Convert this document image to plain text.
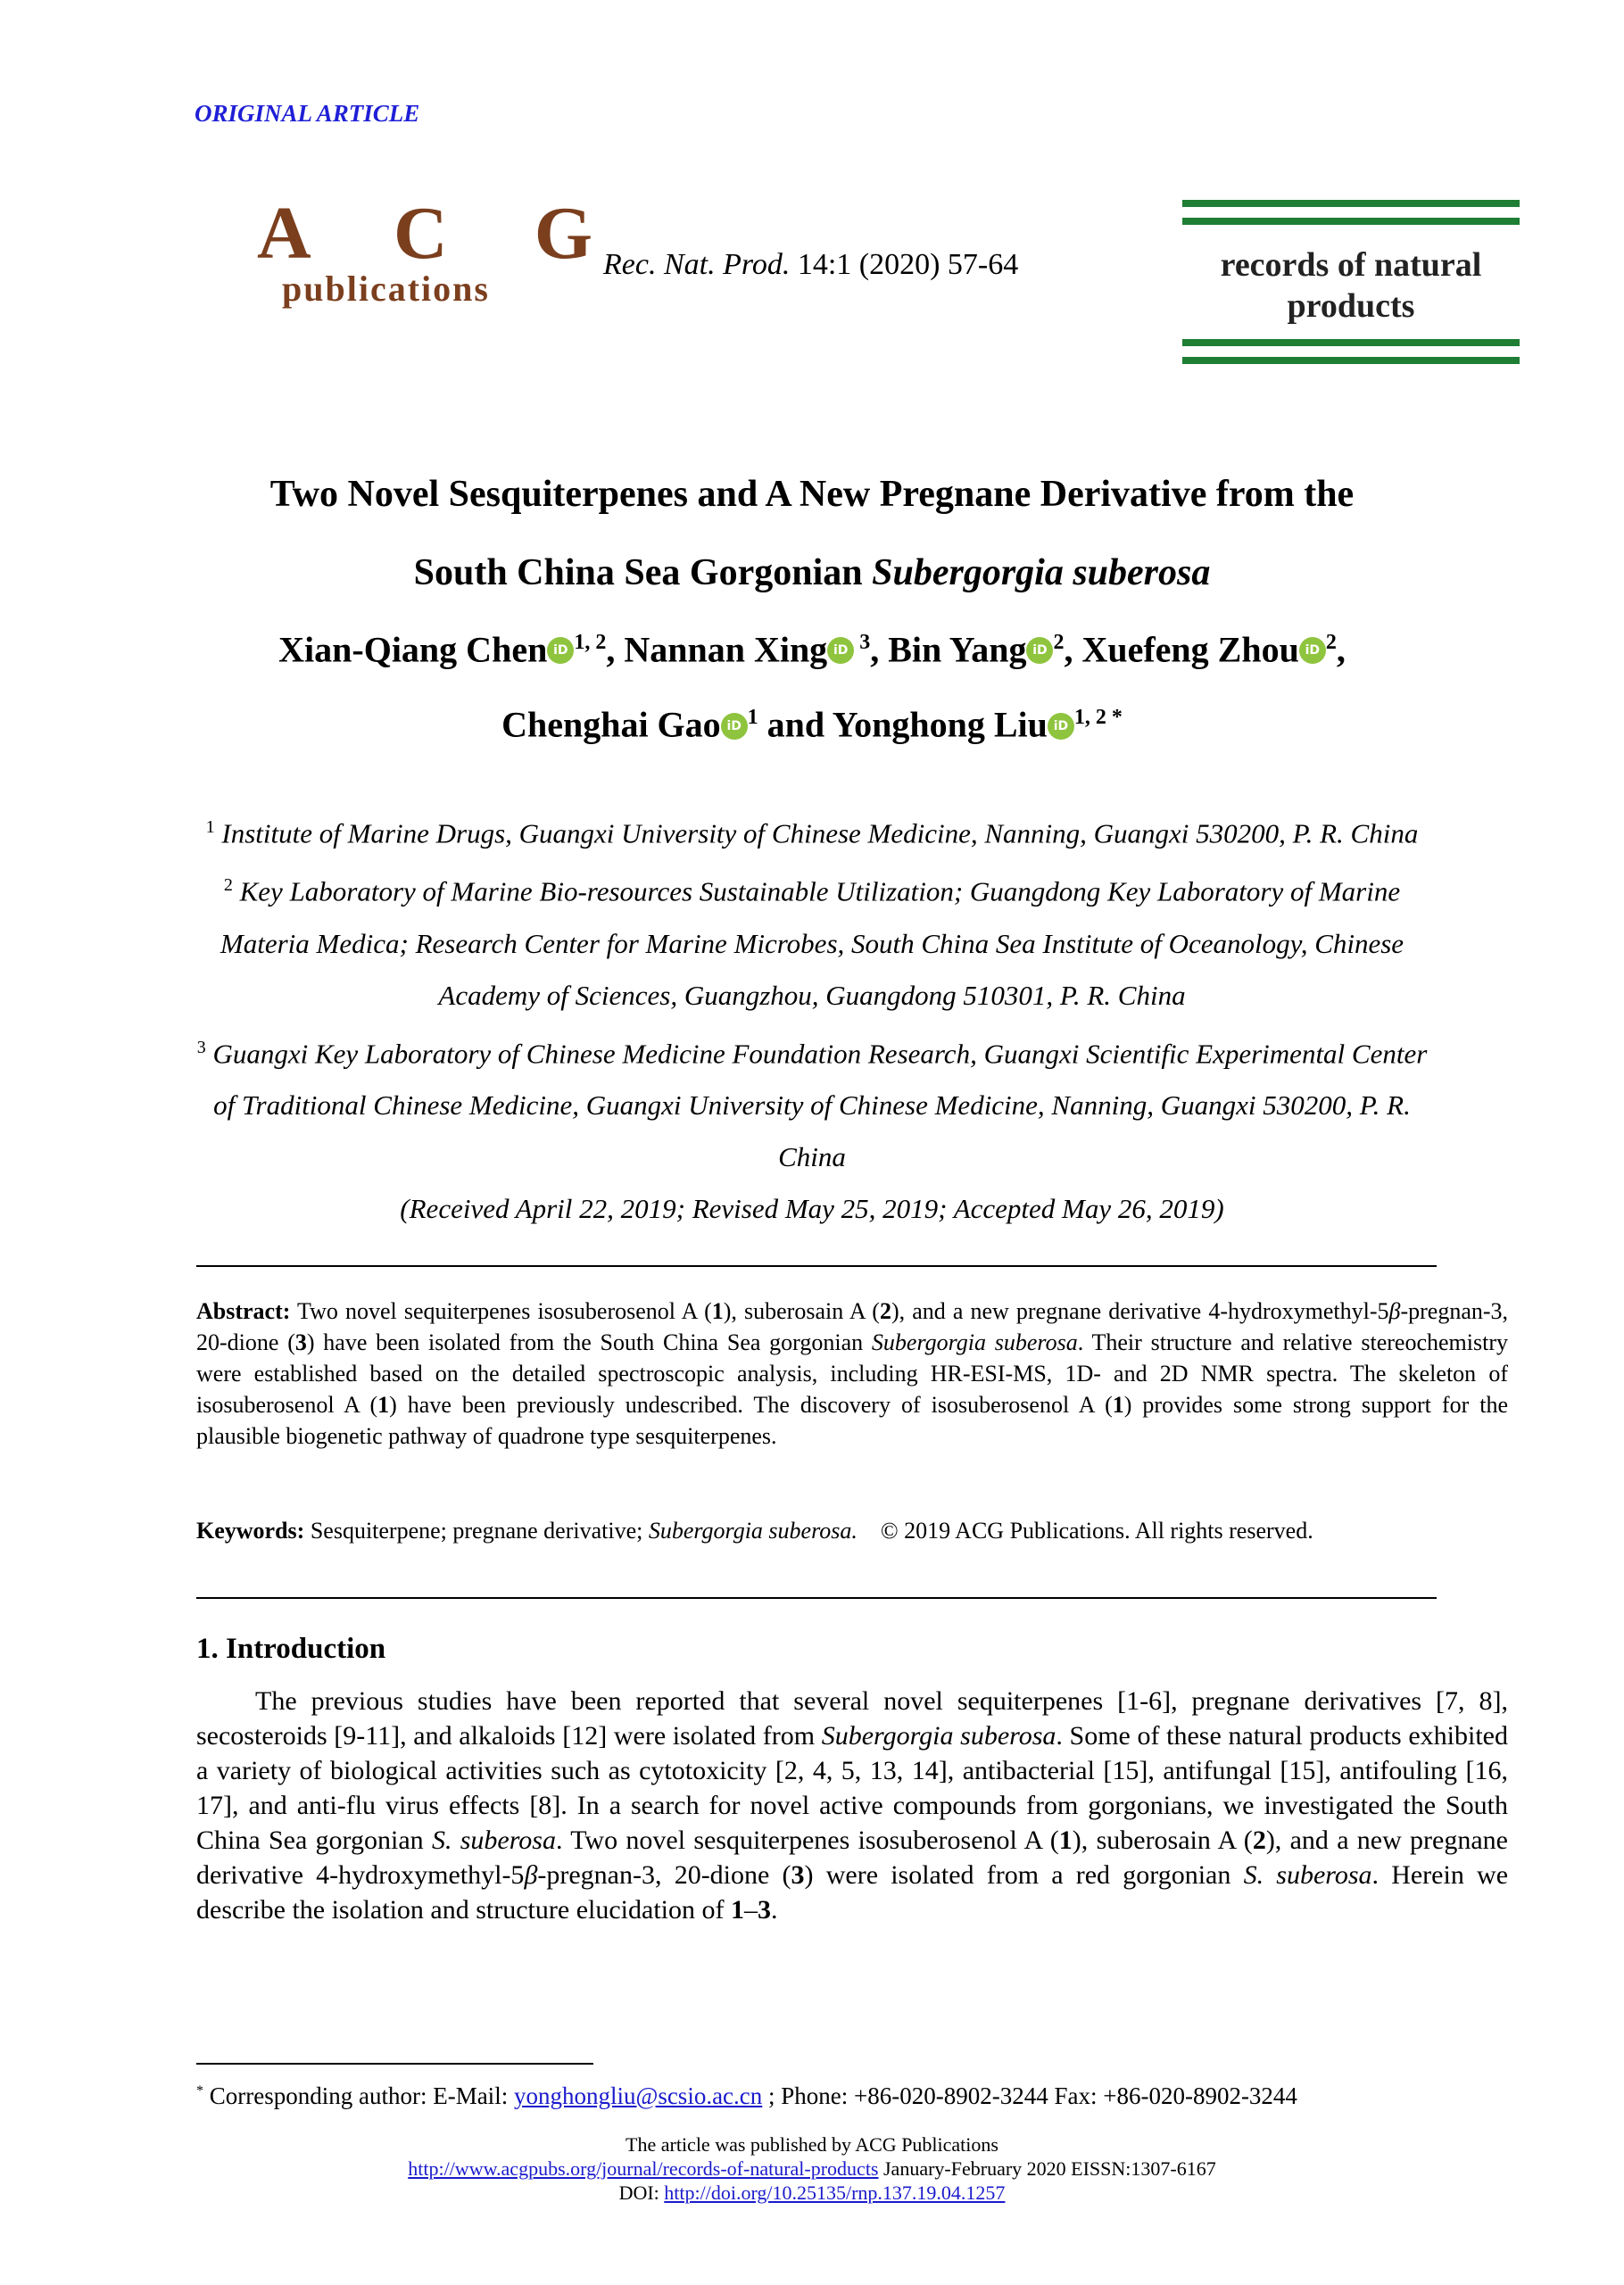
ORIGINAL ARTICLE
A C G
publications
Rec. Nat. Prod. 14:1 (2020) 57-64	records of natural
products
Two Novel Sesquiterpenes and A New Pregnane Derivative from the
South China Sea Gorgonian Subergorgia suberosa
Xian-Qiang Chen iD $^{1, 2}$, Nannan Xing iD $^3$, Bin Yang iD $^2$, Xuefeng Zhou iD $^2$,
Chenghai Gao iD $^1$ and Yonghong Liu iD $^{1, 2 *}$
$^1$ Institute of Marine Drugs, Guangxi University of Chinese Medicine, Nanning, Guangxi 530200, P. R. China
$^2$ Key Laboratory of Marine Bio-resources Sustainable Utilization; Guangdong Key Laboratory of Marine Materia Medica; Research Center for Marine Microbes, South China Sea Institute of Oceanology, Chinese Academy of Sciences, Guangzhou, Guangdong 510301, P. R. China
$^3$ Guangxi Key Laboratory of Chinese Medicine Foundation Research, Guangxi Scientific Experimental Center of Traditional Chinese Medicine, Guangxi University of Chinese Medicine, Nanning, Guangxi 530200, P. R. China
(Received April 22, 2019; Revised May 25, 2019; Accepted May 26, 2019)
Abstract: Two novel sequiterpenes isosuberosenol A (1), suberosain A (2), and a new pregnane derivative 4-hydroxymethyl-5β-pregnan-3, 20-dione (3) have been isolated from the South China Sea gorgonian Subergorgia suberosa. Their structure and relative stereochemistry were established based on the detailed spectroscopic analysis, including HR-ESI-MS, 1D- and 2D NMR spectra. The skeleton of isosuberosenol A (1) have been previously undescribed. The discovery of isosuberosenol A (1) provides some strong support for the plausible biogenetic pathway of quadrone type sesquiterpenes.
Keywords: Sesquiterpene; pregnane derivative; Subergorgia suberosa. © 2019 ACG Publications. All rights reserved.
1. Introduction
The previous studies have been reported that several novel sequiterpenes [1-6], pregnane derivatives [7, 8], secosteroids [9-11], and alkaloids [12] were isolated from Subergorgia suberosa. Some of these natural products exhibited a variety of biological activities such as cytotoxicity [2, 4, 5, 13, 14], antibacterial [15], antifungal [15], antifouling [16, 17], and anti-flu virus effects [8]. In a search for novel active compounds from gorgonians, we investigated the South China Sea gorgonian S. suberosa. Two novel sesquiterpenes isosuberosenol A (1), suberosain A (2), and a new pregnane derivative 4-hydroxymethyl-5β-pregnan-3, 20-dione (3) were isolated from a red gorgonian S. suberosa. Herein we describe the isolation and structure elucidation of 1–3.
* Corresponding author: E-Mail: yonghongliu@scsio.ac.cn ; Phone: +86-020-8902-3244 Fax: +86-020-8902-3244
The article was published by ACG Publications
http://www.acgpubs.org/journal/records-of-natural-products January-February 2020 EISSN:1307-6167
DOI: http://doi.org/10.25135/rnp.137.19.04.1257
